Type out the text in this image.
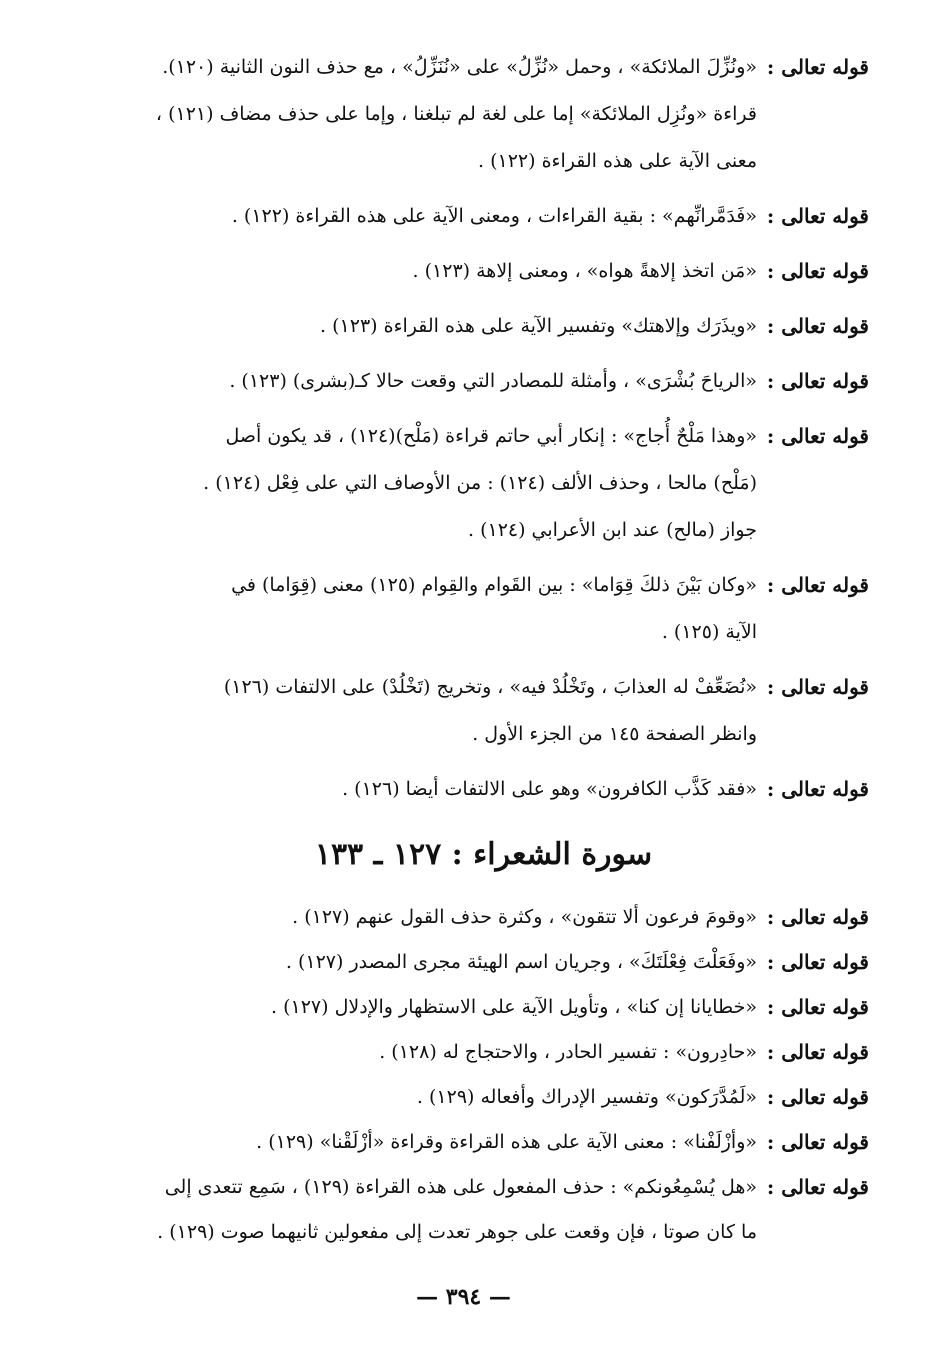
قوله تعالى :
«ونُزِّلَ الملائكة» ، وحمل «نُزِّلُ» على «نُنَزِّلُ» ، مع حذف النون الثانية (١٢٠).
قراءة «ونُزِل الملائكة» إما على لغة لم تبلغنا ، وإما على حذف مضاف (١٢١) ،
معنى الآية على هذه القراءة (١٢٢) .
قوله تعالى :
«فَدَمَّرانِّهم» : بقية القراءات ، ومعنى الآية على هذه القراءة (١٢٢) .
قوله تعالى :
«مَن اتخذ إلاهةً هواه» ، ومعنى إلاهة (١٢٣) .
قوله تعالى :
«ويذَرَك وإلاهتك» وتفسير الآية على هذه القراءة (١٢٣) .
قوله تعالى :
«الرياحَ بُشْرَى» ، وأمثلة للمصادر التي وقعت حالا كـ(بشرى) (١٢٣) .
قوله تعالى :
«وهذا مَلْحٌ أُجاج» : إنكار أبي حاتم قراءة (مَلْح)(١٢٤) ، قد يكون أصل
(مَلْح) مالحا ، وحذف الألف (١٢٤) : من الأوصاف التي على فِعْل (١٢٤) .
جواز (مالح) عند ابن الأعرابي (١٢٤) .
قوله تعالى :
«وكان بَيْنَ ذلكَ قِوَاما» : بين القَوام والقِوام (١٢٥) معنى (قِوَاما) في
الآية (١٢٥) .
قوله تعالى :
«نُضَعِّفْ له العذابَ ، وتَخْلُدْ فيه» ، وتخريج (تَخْلُدْ) على الالتفات (١٢٦)
وانظر الصفحة ١٤٥ من الجزء الأول .
قوله تعالى :
«فقد كَذَّب الكافرون» وهو على الالتفات أيضا (١٢٦) .
سورة الشعراء : ١٢٧ ـ ١٣٣
قوله تعالى :
«وقومَ فرعون ألا تتقون» ، وكثرة حذف القول عنهم (١٢٧) .
قوله تعالى :
«وفَعَلْتَ فِعْلَتَكَ» ، وجريان اسم الهيئة مجرى المصدر (١٢٧) .
قوله تعالى :
«خطايانا إن كنا» ، وتأويل الآية على الاستظهار والإدلال (١٢٧) .
قوله تعالى :
«حادِرون» : تفسير الحادر ، والاحتجاج له (١٢٨) .
قوله تعالى :
«لَمُدَّرَكون» وتفسير الإدراك وأفعاله (١٢٩) .
قوله تعالى :
«وأزْلَفْنا» : معنى الآية على هذه القراءة وقراءة «أزْلَقْنا» (١٢٩) .
قوله تعالى :
«هل يُسْمِعُونكم» : حذف المفعول على هذه القراءة (١٢٩) ، سَمِع تتعدى إلى
ما كان صوتا ، فإن وقعت على جوهر تعدت إلى مفعولين ثانيهما صوت (١٢٩) .
— ٣٩٤ —
